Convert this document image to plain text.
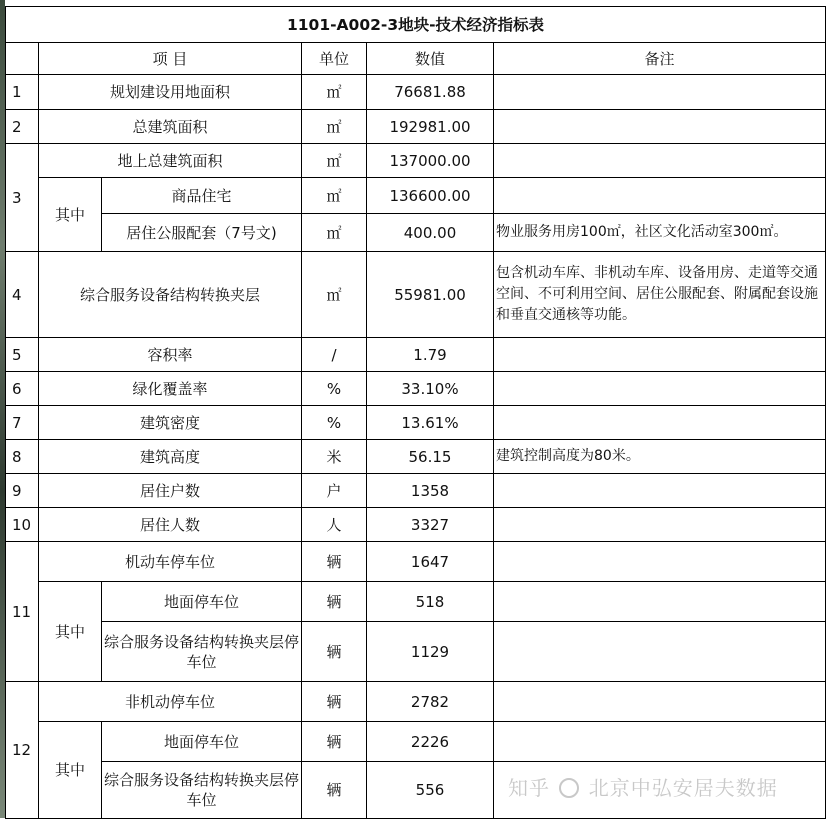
1101-A002-3地块-技术经济指标表					
	项 目		单位	数值	备注
1	规划建设用地面积		㎡	76681.88	
2	总建筑面积		㎡	192981.00	
3	地上总建筑面积		㎡	137000.00	
	其中	商品住宅	㎡	136600.00	
		居住公服配套（7号文)	㎡	400.00	物业服务用房100㎡，社区文化活动室300㎡。
4	综合服务设备结构转换夹层		㎡	55981.00	包含机动车库、非机动车库、设备用房、走道等交通空间、不可利用空间、居住公服配套、附属配套设施和垂直交通核等功能。
5	容积率		/	1.79	
6	绿化覆盖率		%	33.10%	
7	建筑密度		%	13.61%	
8	建筑高度		米	56.15	建筑控制高度为80米。
9	居住户数		户	1358	
10	居住人数		人	3327	
11	机动车停车位		辆	1647	
	其中	地面停车位	辆	518	
		综合服务设备结构转换夹层停车位	辆	1129	
12	非机动停车位		辆	2782	
	其中	地面停车位	辆	2226	
		综合服务设备结构转换夹层停车位	辆	556		知乎 北京中弘安居夫数据
